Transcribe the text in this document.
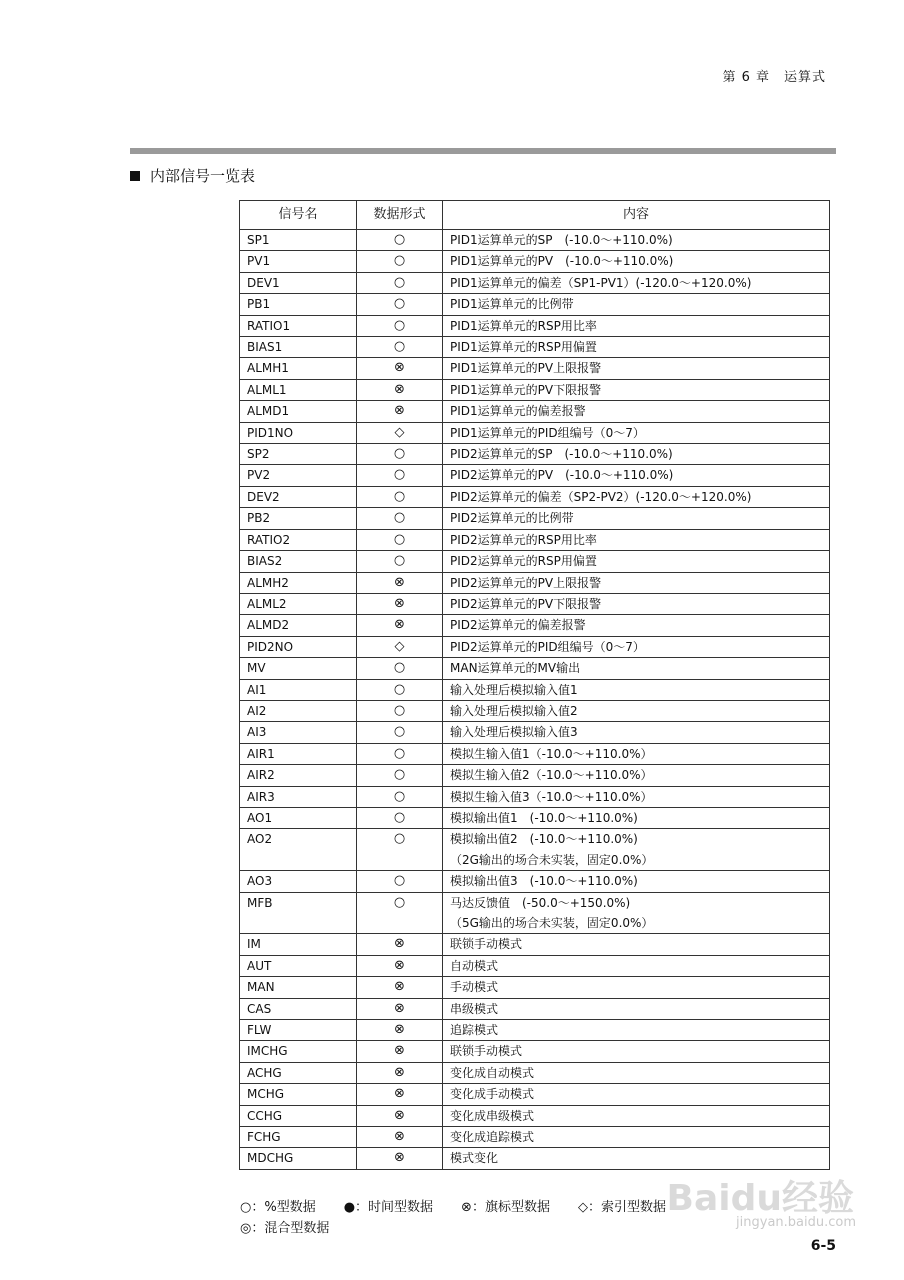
第 6 章　运算式
内部信号一览表
信号名	数据形式	内容
SP1	○	PID1运算单元的SP　(-10.0～+110.0%)
PV1	○	PID1运算单元的PV　(-10.0～+110.0%)
DEV1	○	PID1运算单元的偏差（SP1-PV1）(-120.0～+120.0%)
PB1	○	PID1运算单元的比例带
RATIO1	○	PID1运算单元的RSP用比率
BIAS1	○	PID1运算单元的RSP用偏置
ALMH1	⊗	PID1运算单元的PV上限报警
ALML1	⊗	PID1运算单元的PV下限报警
ALMD1	⊗	PID1运算单元的偏差报警
PID1NO	◇	PID1运算单元的PID组编号（0～7）
SP2	○	PID2运算单元的SP　(-10.0～+110.0%)
PV2	○	PID2运算单元的PV　(-10.0～+110.0%)
DEV2	○	PID2运算单元的偏差（SP2-PV2）(-120.0～+120.0%)
PB2	○	PID2运算单元的比例带
RATIO2	○	PID2运算单元的RSP用比率
BIAS2	○	PID2运算单元的RSP用偏置
ALMH2	⊗	PID2运算单元的PV上限报警
ALML2	⊗	PID2运算单元的PV下限报警
ALMD2	⊗	PID2运算单元的偏差报警
PID2NO	◇	PID2运算单元的PID组编号（0～7）
MV	○	MAN运算单元的MV输出
AI1	○	输入处理后模拟输入值1
AI2	○	输入处理后模拟输入值2
AI3	○	输入处理后模拟输入值3
AIR1	○	模拟生输入值1（-10.0～+110.0%）
AIR2	○	模拟生输入值2（-10.0～+110.0%）
AIR3	○	模拟生输入值3（-10.0～+110.0%）
AO1	○	模拟输出值1　(-10.0～+110.0%)
AO2	○	模拟输出值2　(-10.0～+110.0%)
（2G输出的场合未实装，固定0.0%）
AO3	○	模拟输出值3　(-10.0～+110.0%)
MFB	○	马达反馈值　(-50.0～+150.0%)
（5G输出的场合未实装，固定0.0%）
IM	⊗	联锁手动模式
AUT	⊗	自动模式
MAN	⊗	手动模式
CAS	⊗	串级模式
FLW	⊗	追踪模式
IMCHG	⊗	联锁手动模式
ACHG	⊗	变化成自动模式
MCHG	⊗	变化成手动模式
CCHG	⊗	变化成串级模式
FCHG	⊗	变化成追踪模式
MDCHG	⊗	模式变化
○：%型数据 ●：时间型数据 ⊗：旗标型数据 ◇：索引型数据
◎：混合型数据
Baidu经验
jingyan.baidu.com
6-5
